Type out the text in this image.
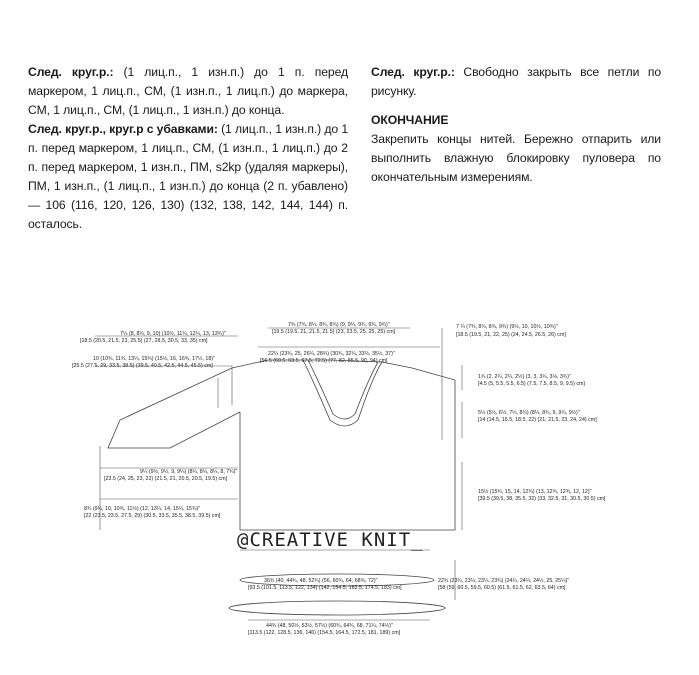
След. круг.р.: (1 лиц.п., 1 изн.п.) до 1 п. перед маркером, 1 лиц.п., СМ, (1 изн.п., 1 лиц.п.) до маркера, СМ, 1 лиц.п., СМ, (1 лиц.п., 1 изн.п.) до конца.

След. круг.р., круг.р с убавками: (1 лиц.п., 1 изн.п.) до 1 п. перед маркером, 1 лиц.п., СМ, (1 изн.п., 1 лиц.п.) до 2 п. перед маркером, 1 изн.п., ПМ, s2kp (удаляя маркеры), ПМ, 1 изн.п., (1 лиц.п., 1 изн.п.) до конца (2 п. убавлено) — 106 (116, 120, 126, 130) (132, 138, 142, 144, 144) п. осталось.

След. круг.р.: Свободно закрыть все петли по рисунку.

ОКОНЧАНИЕ

Закрепить концы нитей. Бережно отпарить или выполнить влажную блокировку пуловера по окончательным измерениям.

7¼ (8, 8¼, 9, 10) (10½, 11¼, 12¼, 13, 13¾)"
[18.5 (20.5, 21.5, 23, 25.5) (27, 28.5, 30.5, 33, 35) cm]
7¾ (7¾, 8¼, 8¾, 8¾) (9, 9¼, 9¾, 9¾, 9¾)"
[19.5 (19.5, 21, 21.5, 21.5) (23, 23.5, 25, 25, 25) cm]
7 ¼ (7¾, 8¼, 8¾, 9¾) (9½, 10, 10½, 10¾)"
[18.5 (19.5, 21, 22, 25) (24, 24.5, 26.5, 26) cm]
10 (10¾, 11¾, 13¼, 15¾) (15½, 16, 16¾, 17½, 18)"
[25.5 (27.5, 29, 33.5, 38.5) (39.5, 40.5, 42.5, 44.5, 45.5) cm]
22¼ (23¾, 25, 26¼, 28¾) (30¾, 32¼, 33½, 35½, 37)"
[56.5 (60.5, 63.5, 67.5, 72.5) (77, 82, 85.5, 90, 94) cm]
1¾ (2, 2¼, 2¼, 2½) (3, 3, 3¼, 3⅛, 3¾)"
[4.5 (5, 5.5, 5.5, 6.5) (7.5, 7.5, 8.5, 9, 9.5) cm]
5½ (5½, 6½, 7¼, 8¼) (8¼, 8¾, 9, 9¼, 9½)"
[14 (14.5, 16.5, 18.5, 22) (21, 21.5, 23, 24, 24) cm]
9¼ (9½, 9½, 9, 9¼) (8¼, 8¼, 8¼, 8, 7¾)"
[23.5 (24, 25, 23, 22) (21.5, 21, 20.5, 20.5, 19.5) cm]
15½ (15¾, 15, 14, 12¾) (13, 12¾, 12¾, 12, 12)"
[39.5 (39.5, 38, 35.5, 32) (33, 32.5, 31, 30.5, 30.5) cm]
8¾ (9¼, 10, 10¾, 11½) (12, 13¼, 14, 15¼, 15¾)"
[22 (23.5, 23.5, 27.5, 29) (30.5, 33.5, 35.5, 38.5, 39.5) cm]
36¾ (40, 44¾, 48, 52¾) (56, 60¾, 64, 68¾, 72)"
[93.5 (101.5, 113.5, 122, 134) (142, 154.5, 162.5, 174.5, 183) cm]
22¾ (23¼, 23¼, 23¼, 23¾) (24¼, 24¼, 24½, 25, 25¼)"
[58 (59, 60.5, 59.5, 60.5) (61.5, 61.5, 62, 63.5, 64) cm]
44¾ (48, 50½, 53½, 57½) (60¾, 64¾, 68, 71¼, 74½)"
[113.5 (122, 128.5, 136, 146) (154.5, 164.5, 172.5, 181, 189) cm]
@CREATIVE KNIT_
